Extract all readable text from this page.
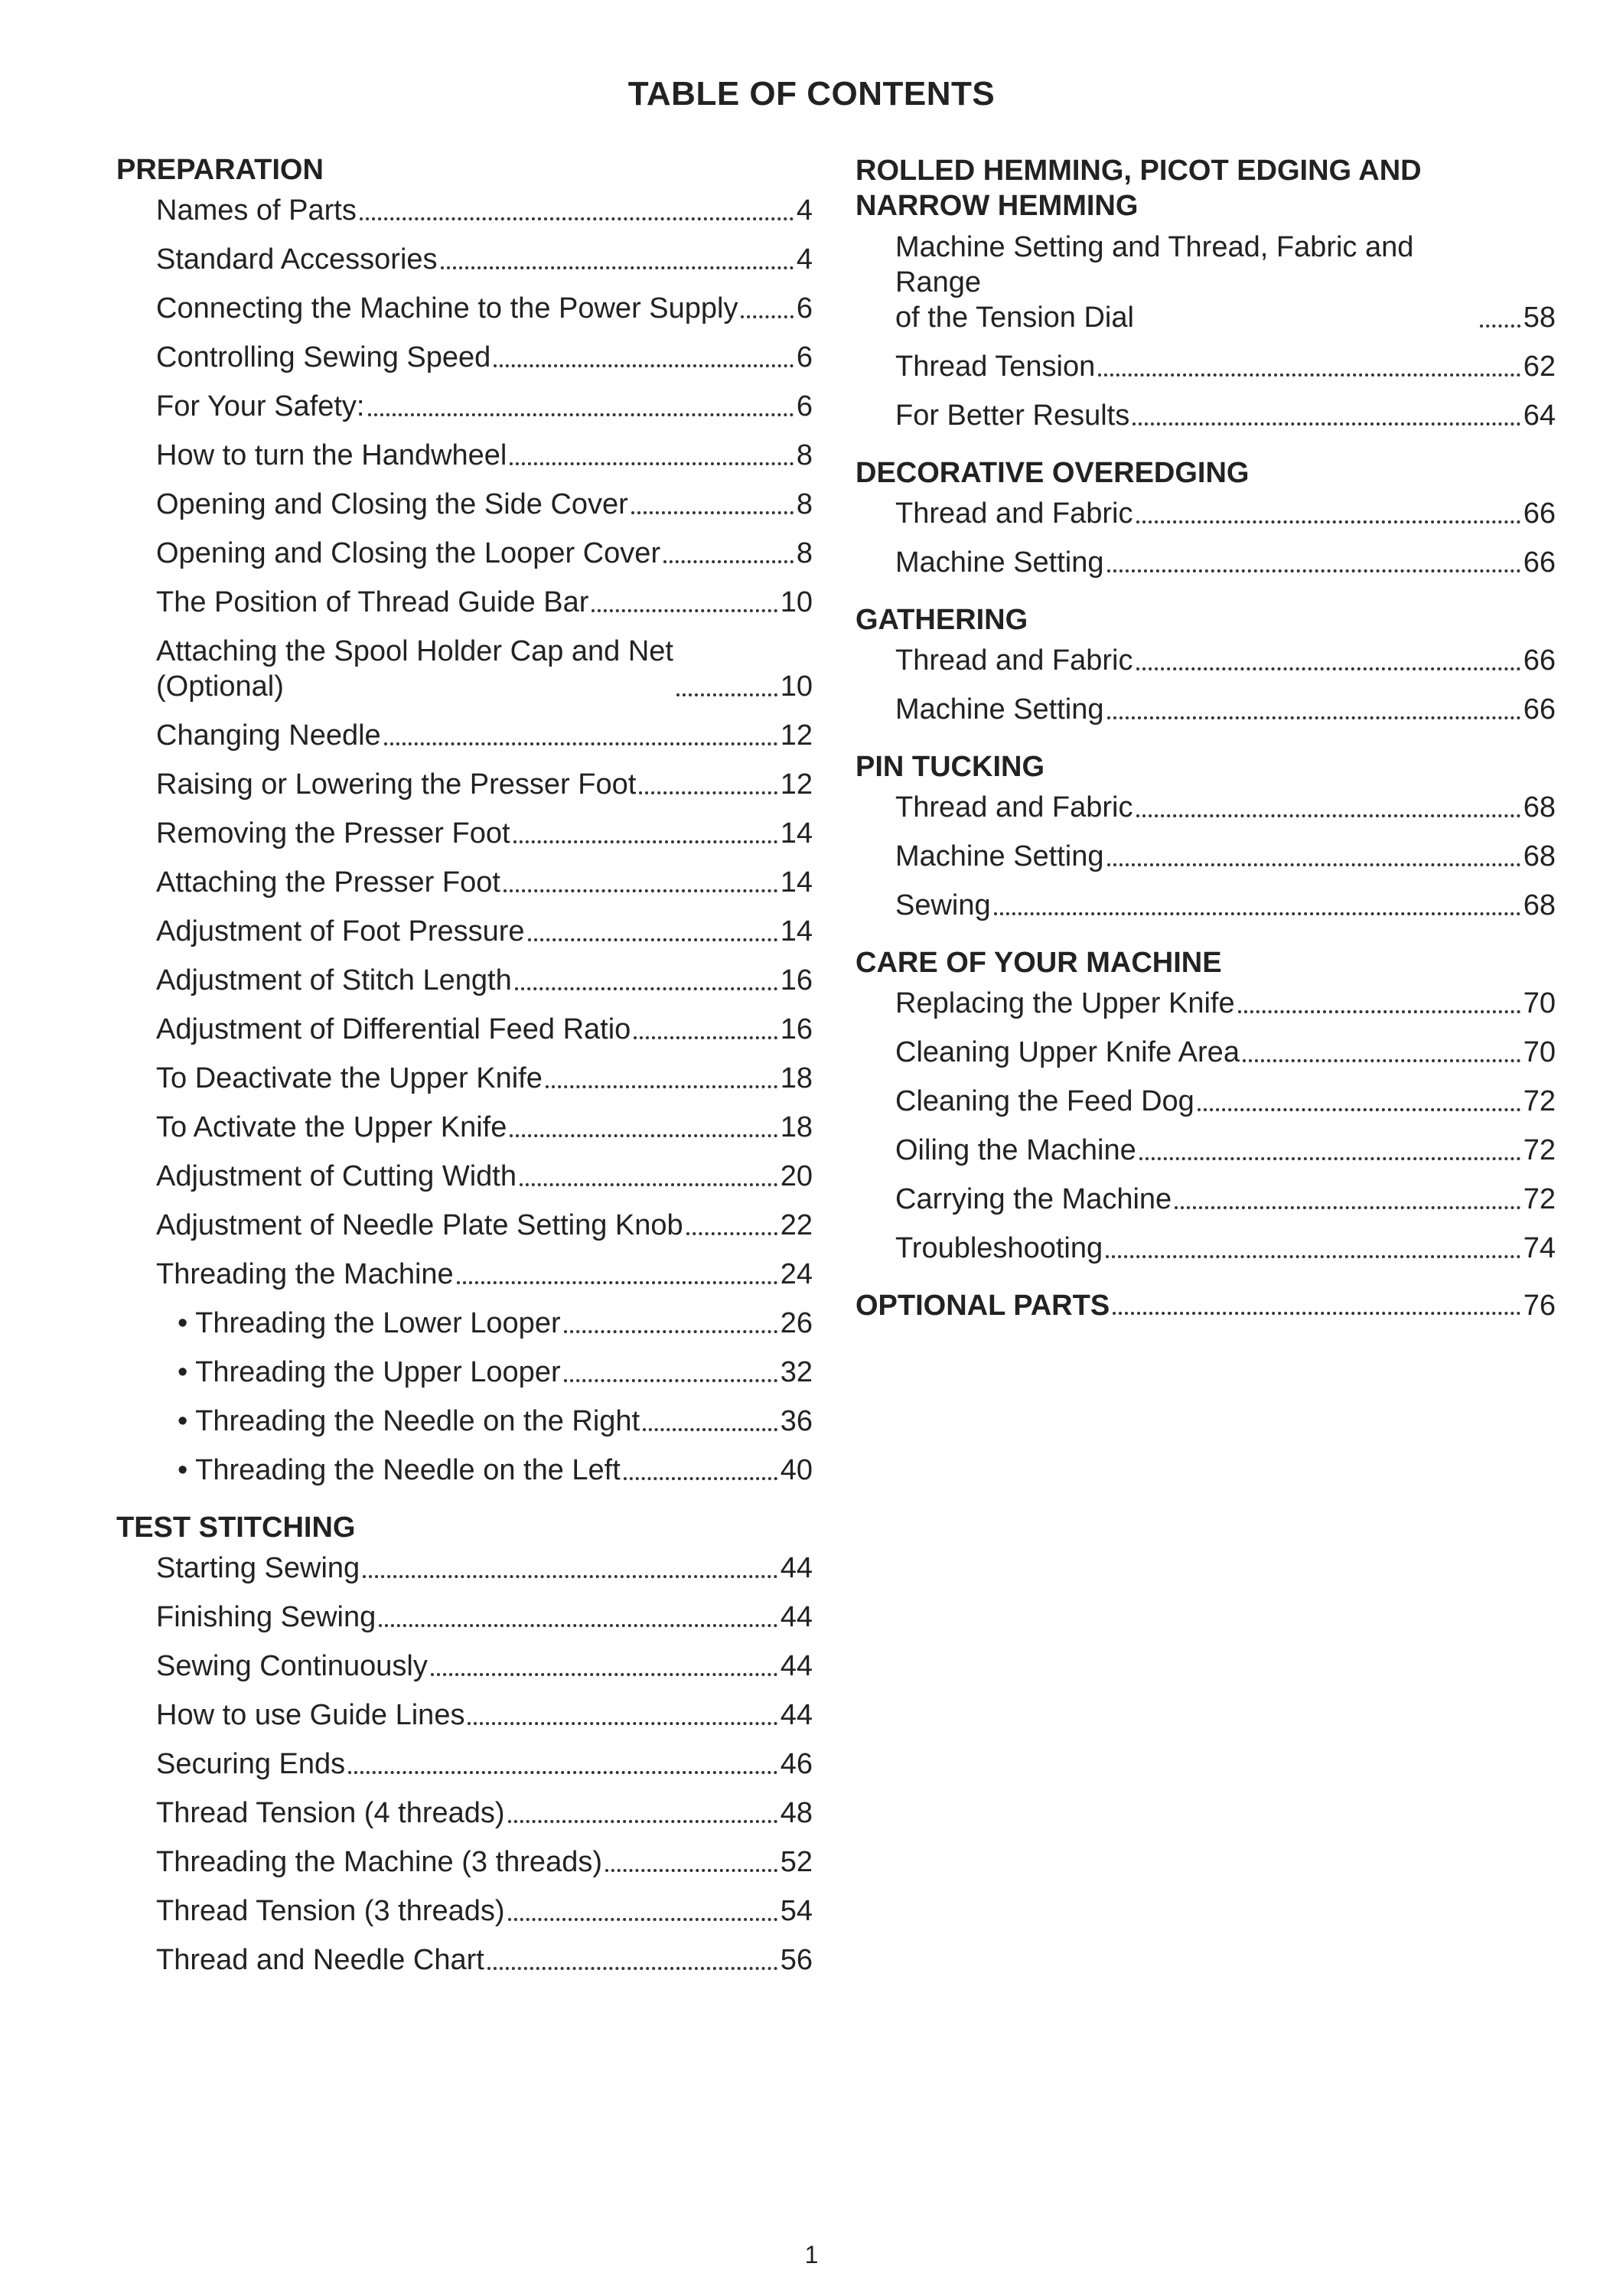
TABLE OF CONTENTS
PREPARATION
Names of Parts	4
Standard Accessories	4
Connecting the Machine to the Power Supply 6
Controlling Sewing Speed	6
For Your Safety:	6
How to turn the Handwheel	8
Opening and Closing the Side Cover	8
Opening and Closing the Looper Cover	8
The Position of Thread Guide Bar	10
Attaching the Spool Holder Cap and Net
(Optional)	10
Changing Needle	12
Raising or Lowering the Presser Foot	12
Removing the Presser Foot	14
Attaching the Presser Foot	14
Adjustment of Foot Pressure	14
Adjustment of Stitch Length	16
Adjustment of Differential Feed Ratio	16
To Deactivate the Upper Knife	18
To Activate the Upper Knife	18
Adjustment of Cutting Width	20
Adjustment of Needle Plate Setting Knob	22
Threading the Machine	24
• Threading the Lower Looper	26
• Threading the Upper Looper	32
• Threading the Needle on the Right	36
• Threading the Needle on the Left	40
TEST STITCHING
Starting Sewing	44
Finishing Sewing	44
Sewing Continuously	44
How to use Guide Lines	44
Securing Ends	46
Thread Tension (4 threads)	48
Threading the Machine (3 threads)	52
Thread Tension (3 threads)	54
Thread and Needle Chart	56
ROLLED HEMMING, PICOT EDGING AND
NARROW HEMMING
Machine Setting and Thread, Fabric and Range
of the Tension Dial	58
Thread Tension	62
For Better Results	64
DECORATIVE OVEREDGING
Thread and Fabric	66
Machine Setting	66
GATHERING
Thread and Fabric	66
Machine Setting	66
PIN TUCKING
Thread and Fabric	68
Machine Setting	68
Sewing	68
CARE OF YOUR MACHINE
Replacing the Upper Knife	70
Cleaning Upper Knife Area	70
Cleaning the Feed Dog	72
Oiling the Machine	72
Carrying the Machine	72
Troubleshooting	74
OPTIONAL PARTS	76
1
